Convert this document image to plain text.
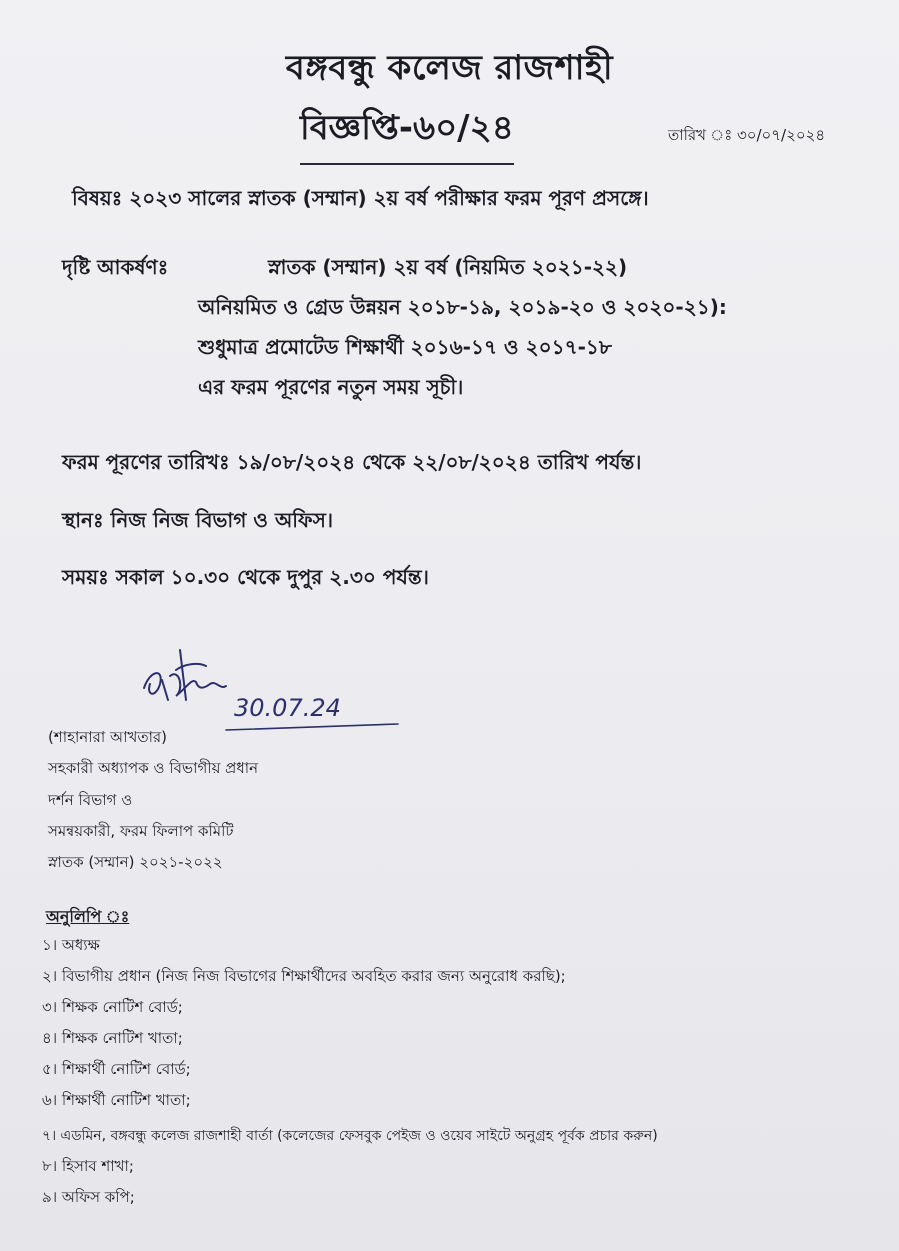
বঙ্গবন্ধু কলেজ রাজশাহী
বিজ্ঞপ্তি-৬০/২৪	তারিখ ঃ ৩০/০৭/২০২৪
বিষয়ঃ ২০২৩ সালের স্নাতক (সম্মান) ২য় বর্ষ পরীক্ষার ফরম পূরণ প্রসঙ্গে।
দৃষ্টি আকর্ষণঃ	স্নাতক (সম্মান) ২য় বর্ষ (নিয়মিত ২০২১-২২)
অনিয়মিত ও গ্রেড উন্নয়ন ২০১৮-১৯, ২০১৯-২০ ও ২০২০-২১):
শুধুমাত্র প্রমোটেড শিক্ষার্থী ২০১৬-১৭ ও ২০১৭-১৮
এর ফরম পূরণের নতুন সময় সূচী।
ফরম পূরণের তারিখঃ ১৯/০৮/২০২৪ থেকে ২২/০৮/২০২৪ তারিখ পর্যন্ত।
স্থানঃ নিজ নিজ বিভাগ ও অফিস।
সময়ঃ সকাল ১০.৩০ থেকে দুপুর ২.৩০ পর্যন্ত।
30.07.24
(শাহানারা আখতার)
সহকারী অধ্যাপক ও বিভাগীয় প্রধান
দর্শন বিভাগ ও
সমন্বয়কারী, ফরম ফিলাপ কমিটি
স্নাতক (সম্মান) ২০২১-২০২২
অনুলিপি ঃ
১। অধ্যক্ষ
২। বিভাগীয় প্রধান (নিজ নিজ বিভাগের শিক্ষার্থীদের অবহিত করার জন্য অনুরোধ করছি);
৩। শিক্ষক নোটিশ বোর্ড;
৪। শিক্ষক নোটিশ খাতা;
৫। শিক্ষার্থী নোটিশ বোর্ড;
৬। শিক্ষার্থী নোটিশ খাতা;
৭। এডমিন, বঙ্গবন্ধু কলেজ রাজশাহী বার্তা (কলেজের ফেসবুক পেইজ ও ওয়েব সাইটে অনুগ্রহ পূর্বক প্রচার করুন)
৮। হিসাব শাখা;
৯। অফিস কপি;
